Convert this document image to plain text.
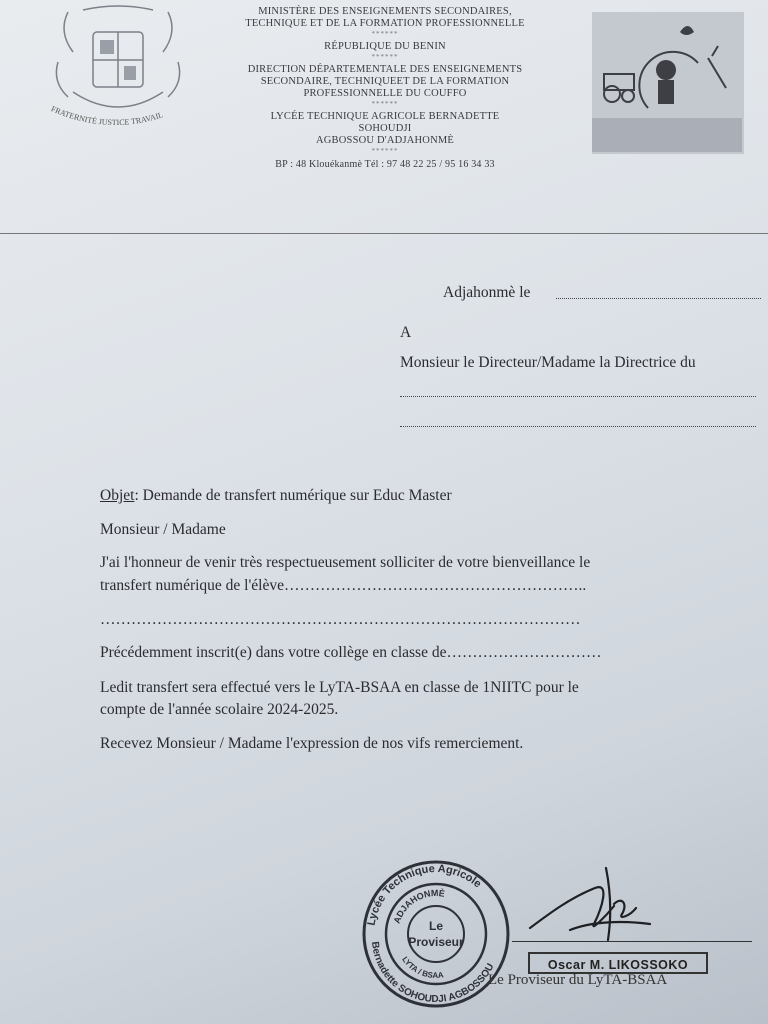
FRATERNITÉ JUSTICE TRAVAIL
MINISTÈRE DES ENSEIGNEMENTS SECONDAIRES,
TECHNIQUE ET DE LA FORMATION PROFESSIONNELLE
******
RÉPUBLIQUE DU BENIN
******
DIRECTION DÉPARTEMENTALE DES ENSEIGNEMENTS
SECONDAIRE, TECHNIQUEET DE LA FORMATION
PROFESSIONNELLE DU COUFFO
******
LYCÉE TECHNIQUE AGRICOLE BERNADETTE
SOHOUDJI
AGBOSSOU D'ADJAHONMÈ
******
BP : 48 Klouékanmè Tél : 97 48 22 25 / 95 16 34 33
Adjahonmè le
A
Monsieur le Directeur/Madame la Directrice du
Objet: Demande de transfert numérique sur Educ Master
Monsieur / Madame
J'ai l'honneur de venir très respectueusement solliciter de votre bienveillance le
transfert numérique de l'élève…………………………………………………..
…………………………………………………………………………………
Précédemment inscrit(e) dans votre collège en classe de…………………………
Ledit transfert sera effectué vers le LyTA-BSAA en classe de 1NIITC pour le
compte de l'année scolaire 2024-2025.
Recevez Monsieur / Madame l'expression de nos vifs remerciement.
Lycée Technique Agricole
Bernadette SOHOUDJI AGBOSSOU
ADJAHONMÈ
LYTA / BSAA
Le
Proviseur
Oscar M. LIKOSSOKO
Le Proviseur du LyTA-BSAA
